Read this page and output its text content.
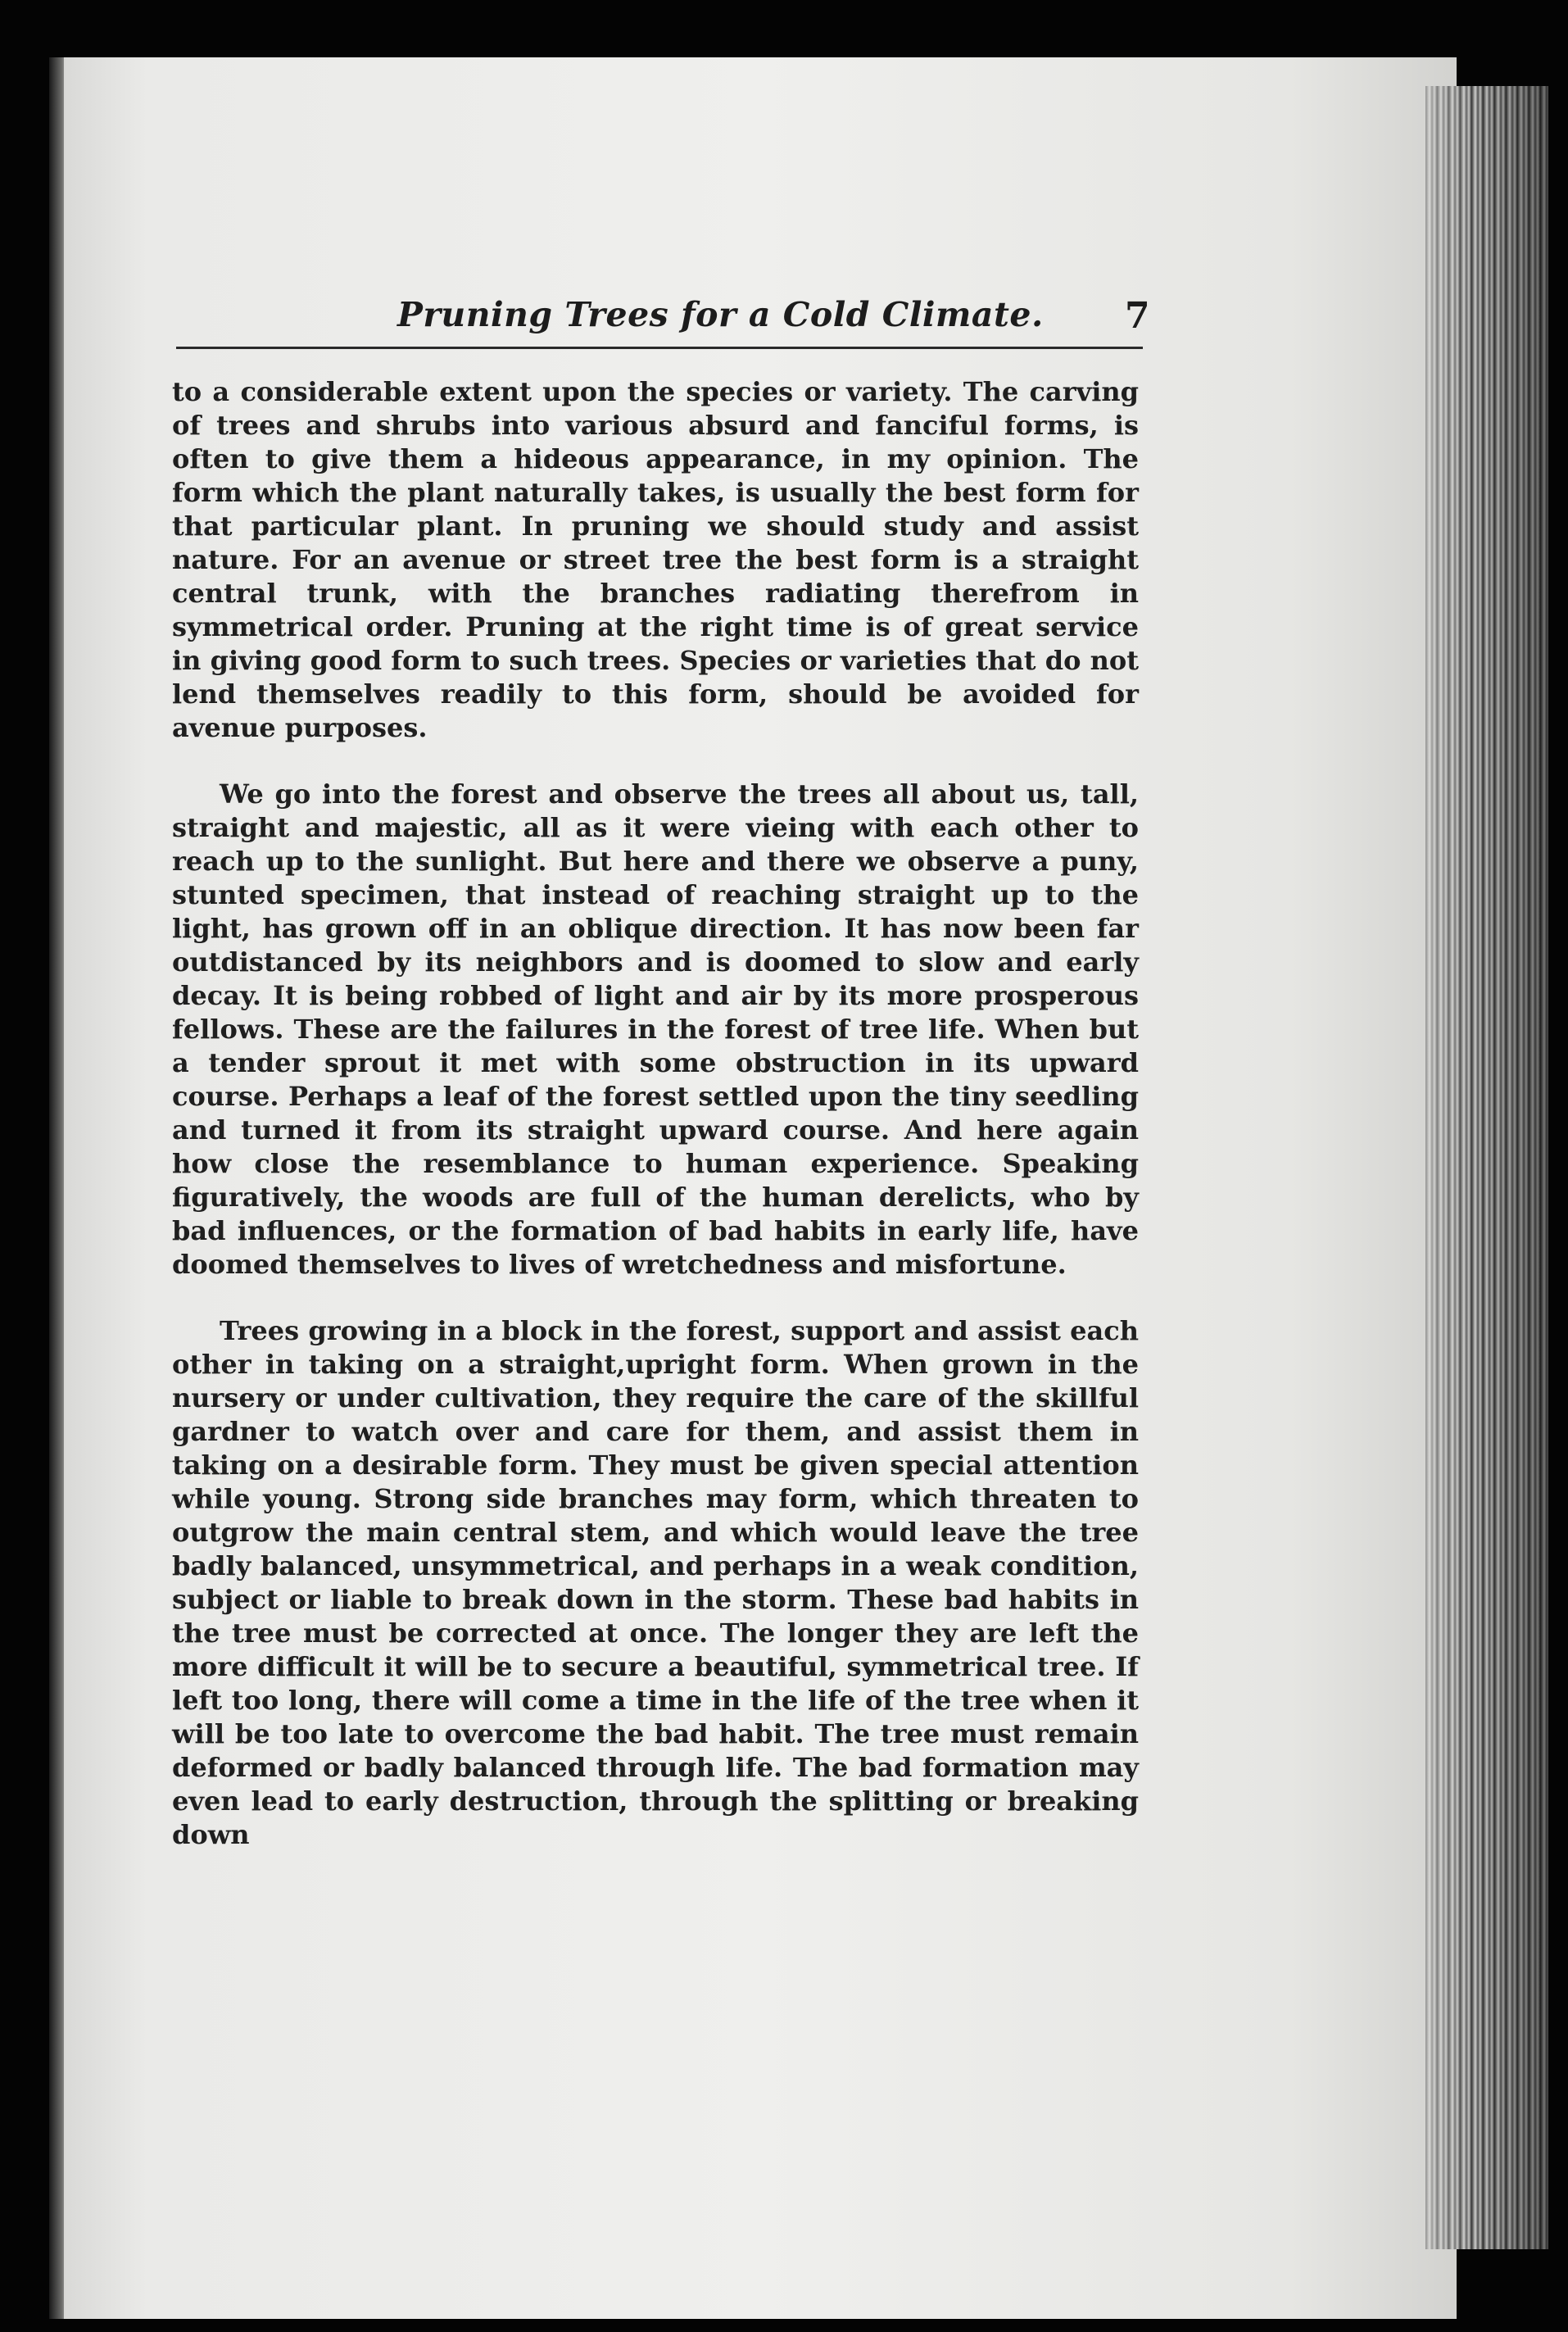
Pruning Trees for a Cold Climate. 7

to a considerable extent upon the species or variety. The carving of trees and shrubs into various absurd and fanciful forms, is often to give them a hideous appearance, in my opinion. The form which the plant naturally takes, is usually the best form for that particular plant. In pruning we should study and assist nature. For an avenue or street tree the best form is a straight central trunk, with the branches radiating therefrom in symmetrical order. Pruning at the right time is of great service in giving good form to such trees. Species or varieties that do not lend themselves readily to this form, should be avoided for avenue purposes.

We go into the forest and observe the trees all about us, tall, straight and majestic, all as it were vieing with each other to reach up to the sunlight. But here and there we observe a puny, stunted specimen, that instead of reaching straight up to the light, has grown off in an oblique direction. It has now been far outdistanced by its neighbors and is doomed to slow and early decay. It is being robbed of light and air by its more prosperous fellows. These are the failures in the forest of tree life. When but a tender sprout it met with some obstruction in its upward course. Perhaps a leaf of the forest settled upon the tiny seedling and turned it from its straight upward course. And here again how close the resemblance to human experience. Speaking figuratively, the woods are full of the human derelicts, who by bad influences, or the formation of bad habits in early life, have doomed themselves to lives of wretchedness and misfortune.

Trees growing in a block in the forest, support and assist each other in taking on a straight,upright form. When grown in the nursery or under cultivation, they require the care of the skillful gardner to watch over and care for them, and assist them in taking on a desirable form. They must be given special attention while young. Strong side branches may form, which threaten to outgrow the main central stem, and which would leave the tree badly balanced, unsymmetrical, and perhaps in a weak condition, subject or liable to break down in the storm. These bad habits in the tree must be corrected at once. The longer they are left the more difficult it will be to secure a beautiful, symmetrical tree. If left too long, there will come a time in the life of the tree when it will be too late to overcome the bad habit. The tree must remain deformed or badly balanced through life. The bad formation may even lead to early destruction, through the splitting or breaking down
